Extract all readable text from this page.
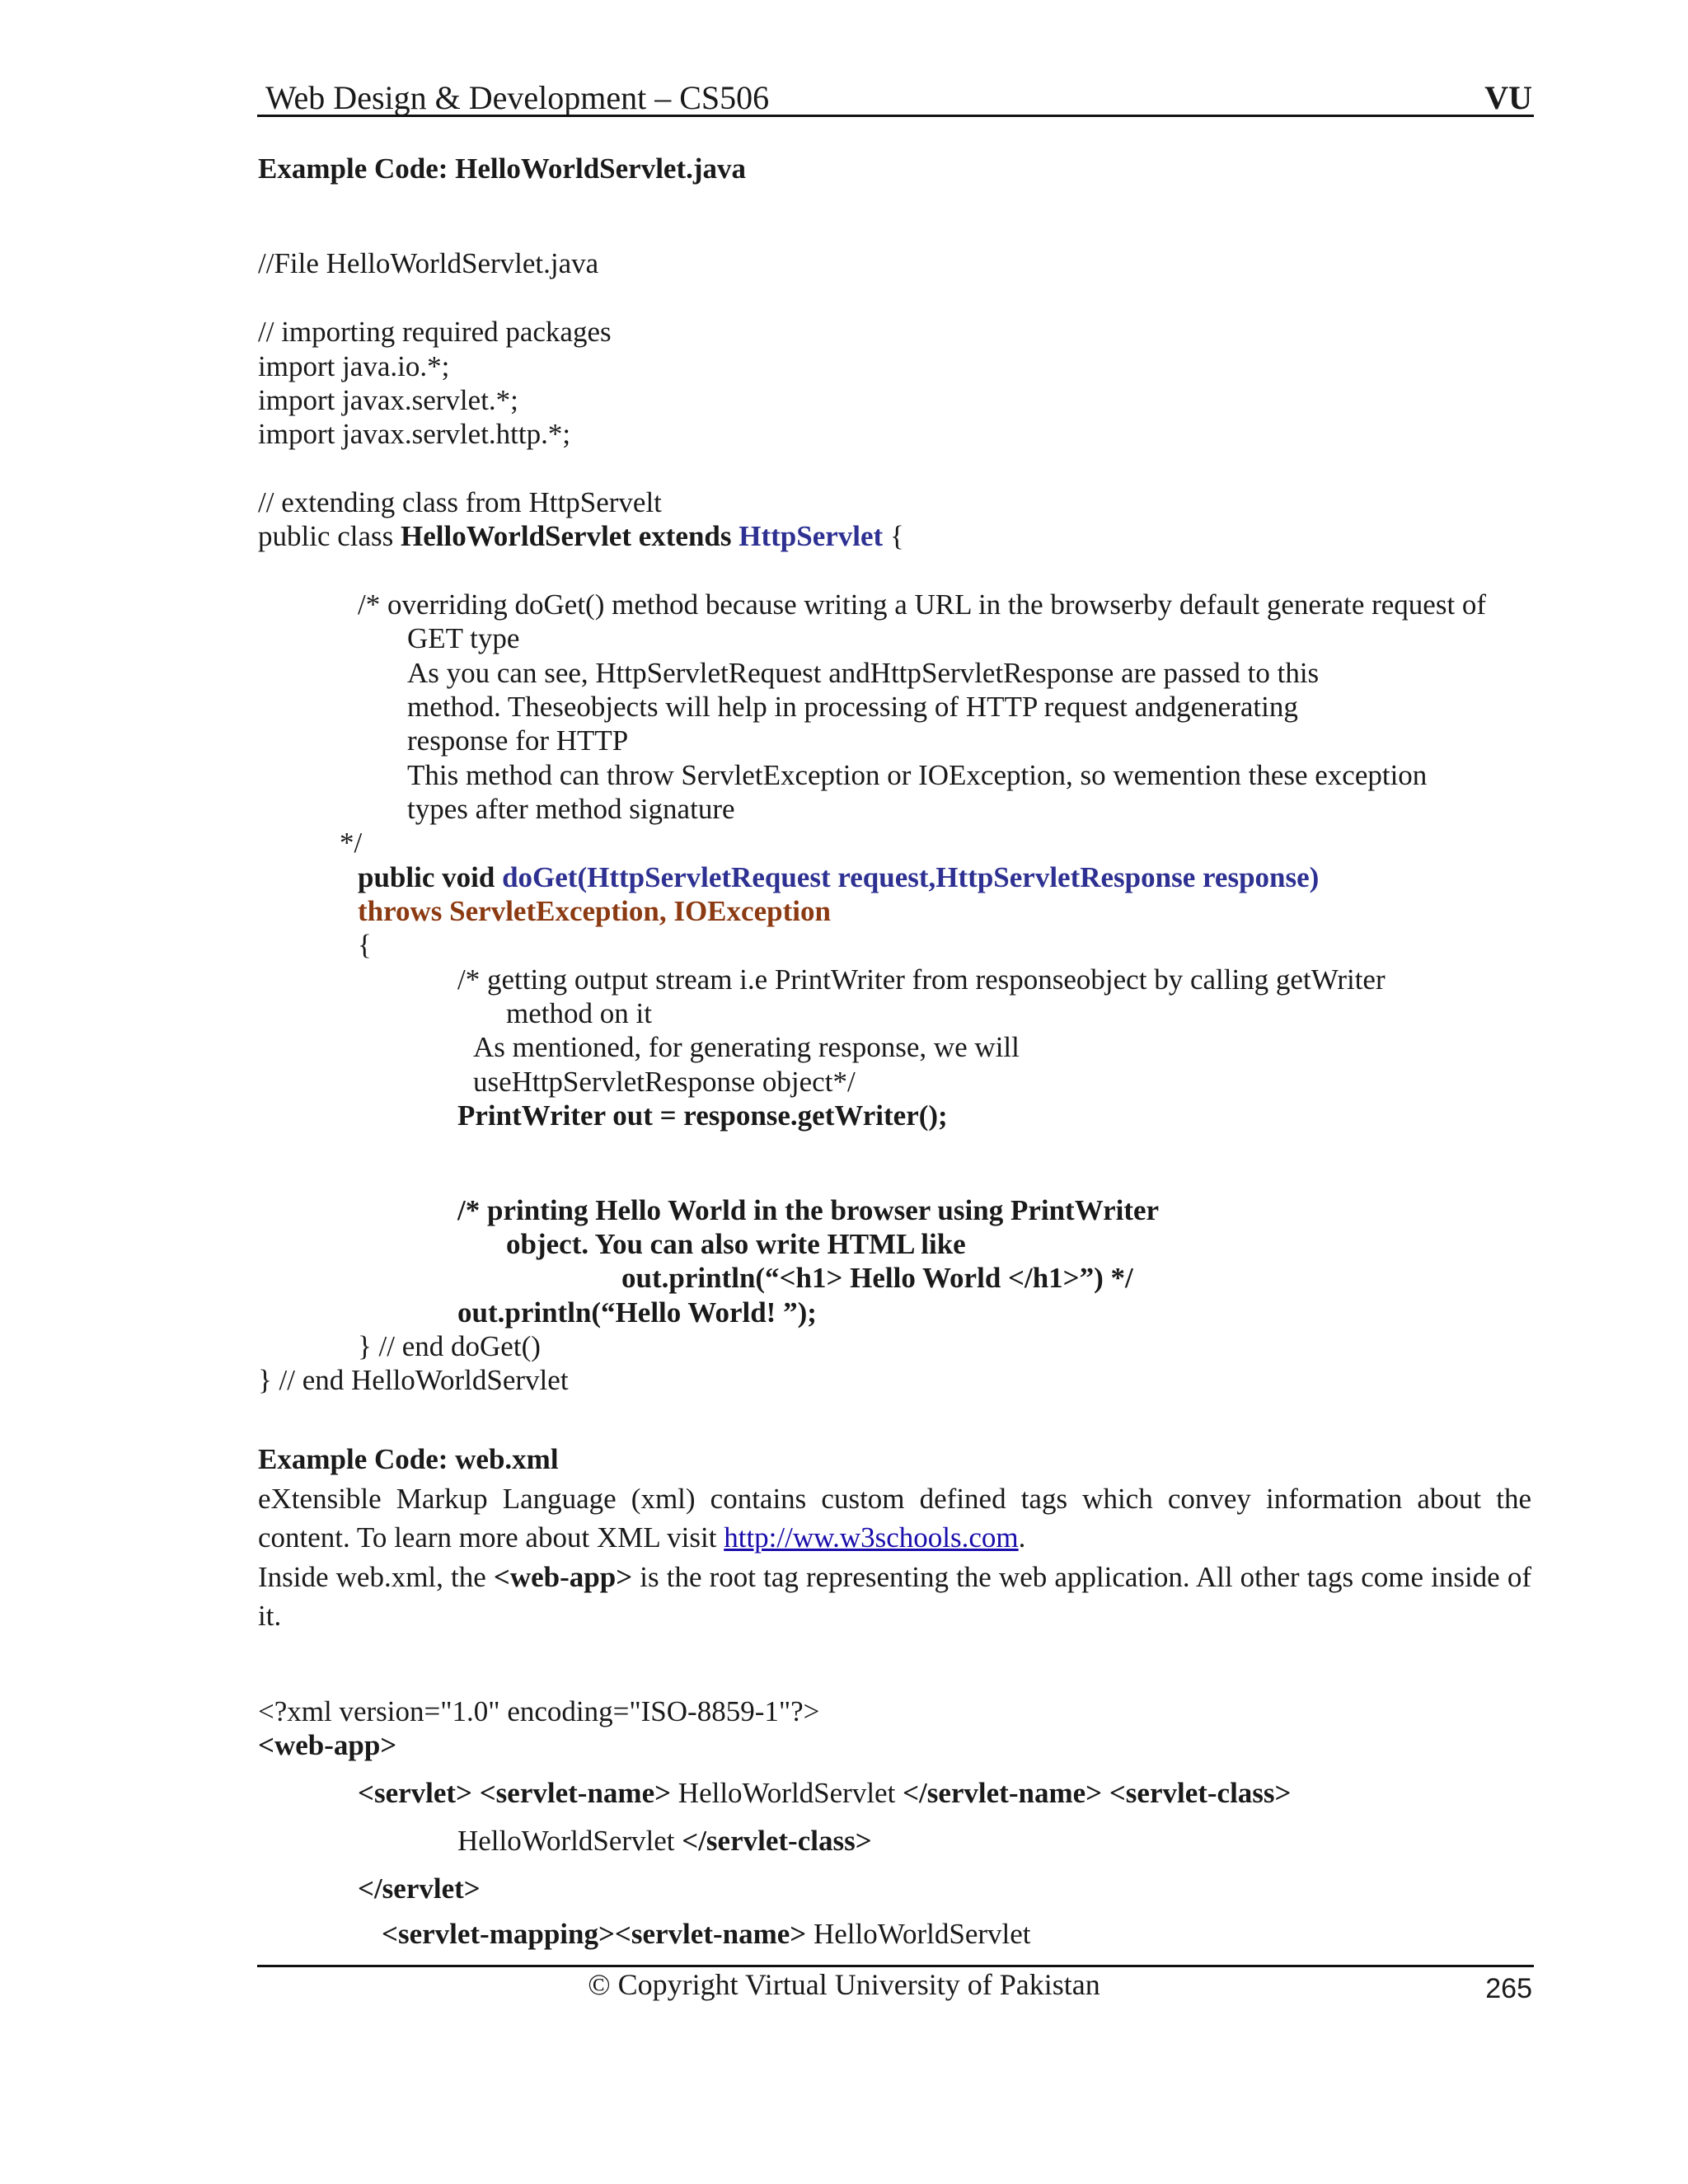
Web Design & Development – CS506	VU
Example Code: HelloWorldServlet.java
//File HelloWorldServlet.java
// importing required packages
import java.io.*;
import javax.servlet.*;
import javax.servlet.http.*;
// extending class from HttpServelt
public class HelloWorldServlet extends HttpServlet {
/* overriding doGet() method because writing a URL in the browserby default generate request of
GET type
As you can see, HttpServletRequest andHttpServletResponse are passed to this
method. Theseobjects will help in processing of HTTP request andgenerating
response for HTTP
This method can throw ServletException or IOException, so wemention these exception
types after method signature
*/
public void doGet(HttpServletRequest request,HttpServletResponse response)
throws ServletException, IOException
{
/* getting output stream i.e PrintWriter from responseobject by calling getWriter
method on it
As mentioned, for generating response, we will
useHttpServletResponse object*/
PrintWriter out = response.getWriter();
/* printing Hello World in the browser using PrintWriter
object. You can also write HTML like
out.println(“<h1> Hello World </h1>”) */
out.println(“Hello World! ”);
} // end doGet()
} // end HelloWorldServlet
Example Code: web.xml
eXtensible Markup Language (xml) contains custom defined tags which convey information about the content. To learn more about XML visit http://ww.w3schools.com.
Inside web.xml, the <web-app> is the root tag representing the web application. All other tags come inside of it.
<?xml version="1.0" encoding="ISO-8859-1"?>
<web-app>
<servlet> <servlet-name> HelloWorldServlet </servlet-name> <servlet-class>
HelloWorldServlet </servlet-class>
</servlet>
<servlet-mapping><servlet-name> HelloWorldServlet
© Copyright Virtual University of Pakistan	265
